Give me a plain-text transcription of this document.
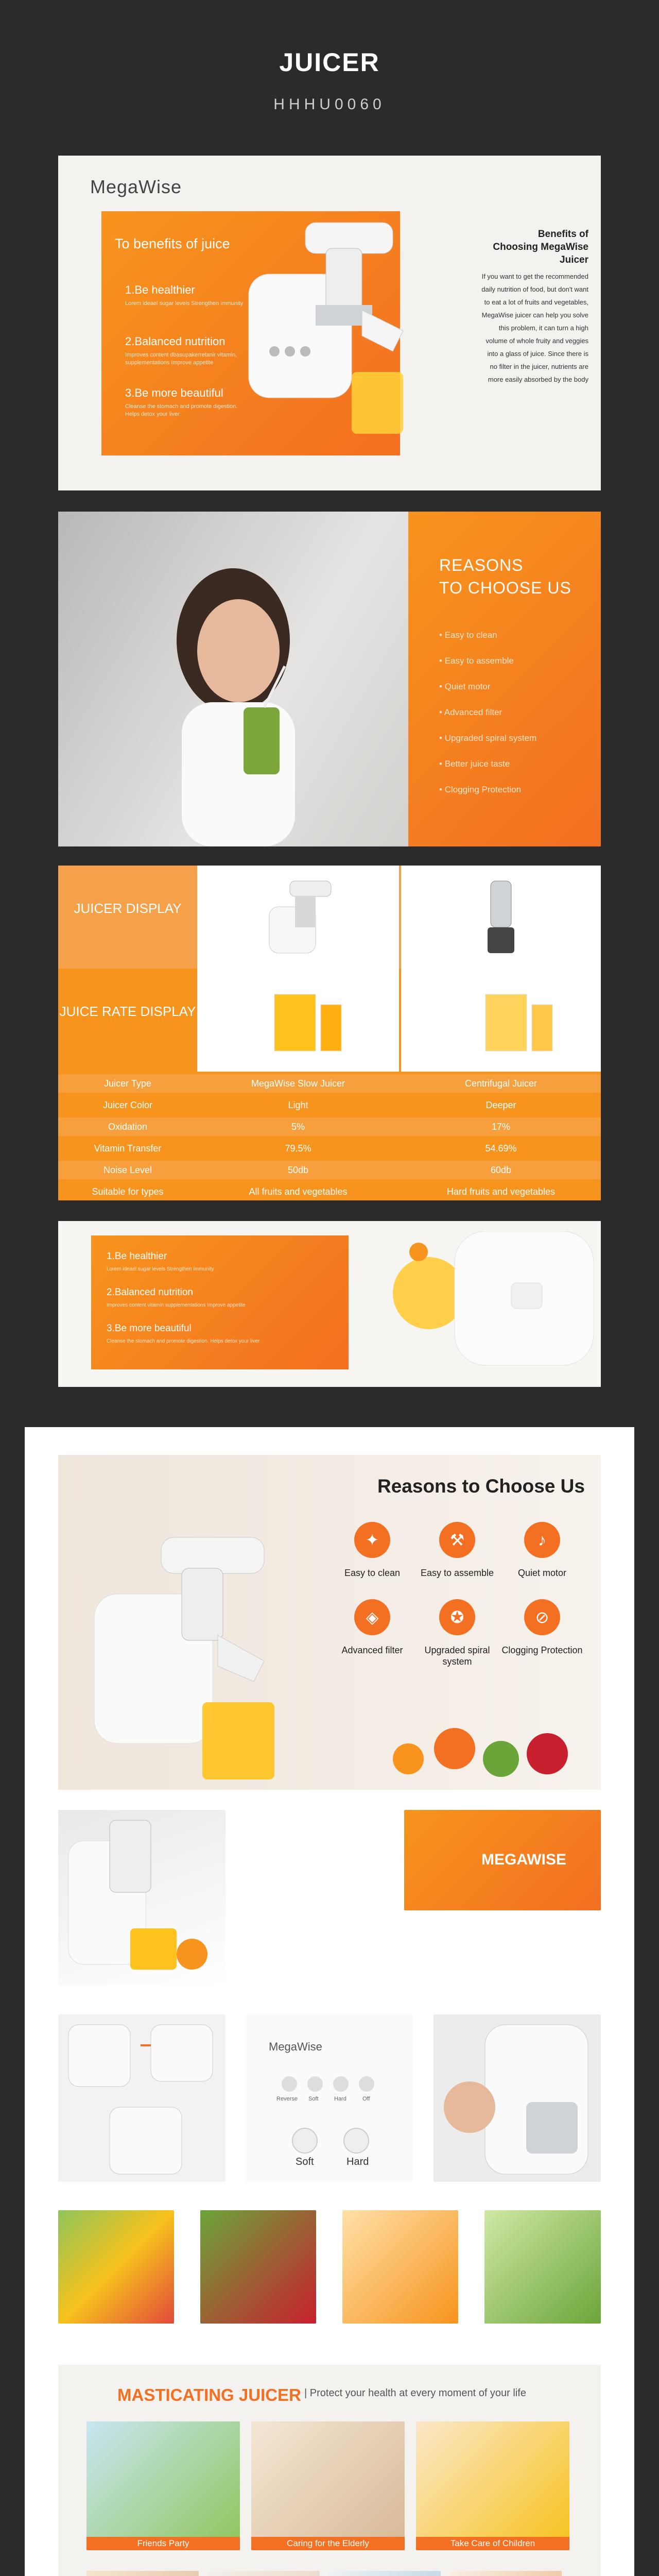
JUICER
HHHU0060
MegaWise
To benefits of juice
1.Be healthier
Lorem ideael sugar levels Strengthen immunity
2.Balanced nutrition
Improves content dbasupakerretanir vitamin, supplementations Improve appetite
3.Be more beautiful
Cleanse the stomach and promote digestion. Helps detox your liver
Benefits of Choosing MegaWise Juicer
If you want to get the recommended daily nutrition of food, but don't want to eat a lot of fruits and vegetables, MegaWise juicer can help you solve this problem, it can turn a high volume of whole fruity and veggies into a glass of juice. Since there is no filter in the juicer, nutrients are more easily absorbed by the body
REASONS
TO CHOOSE US
• Easy to clean
• Easy to assemble
• Quiet motor
• Advanced filter
• Upgraded spiral system
• Better juice taste
• Clogging Protection
JUICER DISPLAY
JUICE RATE DISPLAY
Juicer Type	MegaWise Slow Juicer	Centrifugal Juicer
Juicer Color	Light	Deeper
Oxidation	5%	17%
Vitamin Transfer	79.5%	54.69%
Noise Level	50db	60db
Suitable for types	All fruits and vegetables	Hard fruits and vegetables
1.Be healthier
Lorem ideael sugar levels Strengthen immunity
2.Balanced nutrition
Improves content vitamin supplementations Improve appetite
3.Be more beautiful
Cleanse the stomach and promote digestion. Helps detox your liver
Reasons to Choose Us
✦
Easy to clean
⚒
Easy to assemble
♪
Quiet motor
◈
Advanced filter
✪
Upgraded spiral system
⊘
Clogging Protection
MEGAWISE
MegaWise
Reverse Soft	Hard	Off
Soft	Hard
MASTICATING JUICER | Protect your health at every moment of your life
Friends Party	Caring for the Elderly	Take Care of Children
